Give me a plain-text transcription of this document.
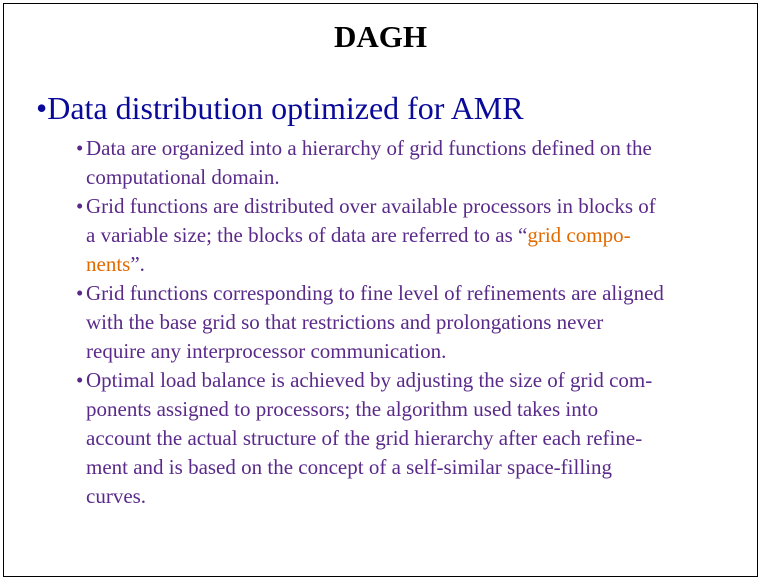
DAGH
•Data distribution optimized for AMR
• Data are organized into a hierarchy of grid functions defined on the
computational domain.
• Grid functions are distributed over available processors in blocks of
a variable size; the blocks of data are referred to as “grid compo-
nents”.
• Grid functions corresponding to fine level of refinements are aligned
with the base grid so that restrictions and prolongations never
require any interprocessor communication.
• Optimal load balance is achieved by adjusting the size of grid com-
ponents assigned to processors; the algorithm used takes into
account the actual structure of the grid hierarchy after each refine-
ment and is based on the concept of a self-similar space-filling
curves.
